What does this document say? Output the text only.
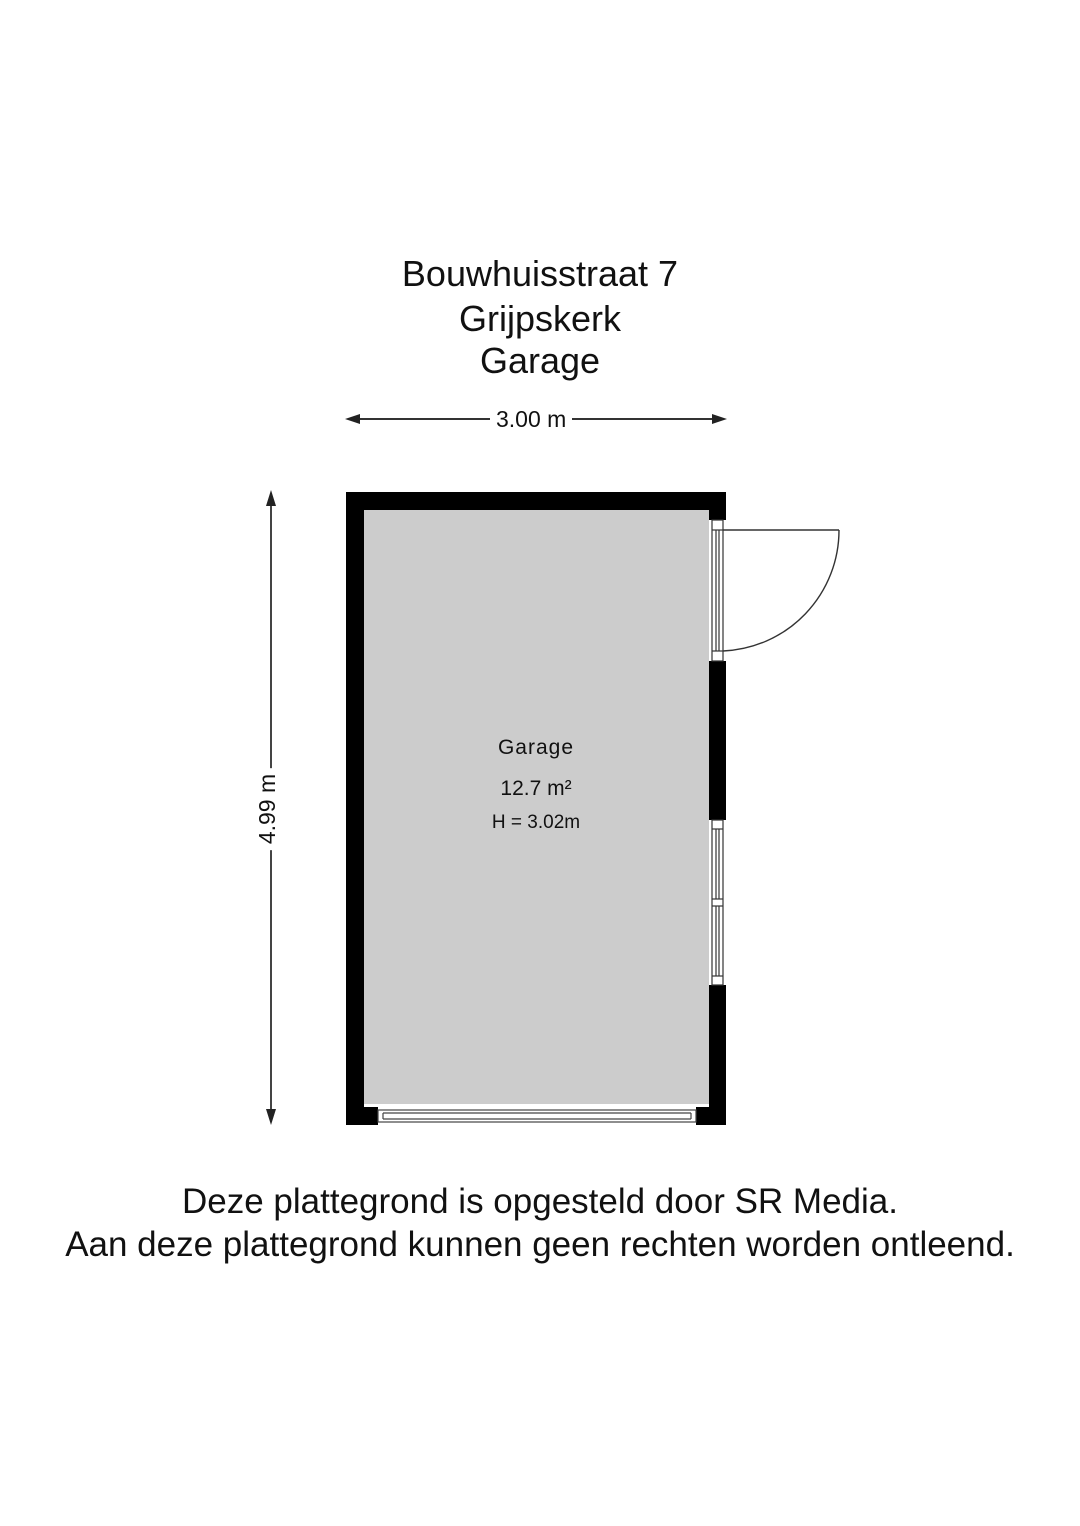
Bouwhuisstraat 7
Grijpskerk
Garage
3.00 m
4.99 m
Garage
12.7 m²
H = 3.02m
Deze plattegrond is opgesteld door SR Media.
Aan deze plattegrond kunnen geen rechten worden ontleend.
